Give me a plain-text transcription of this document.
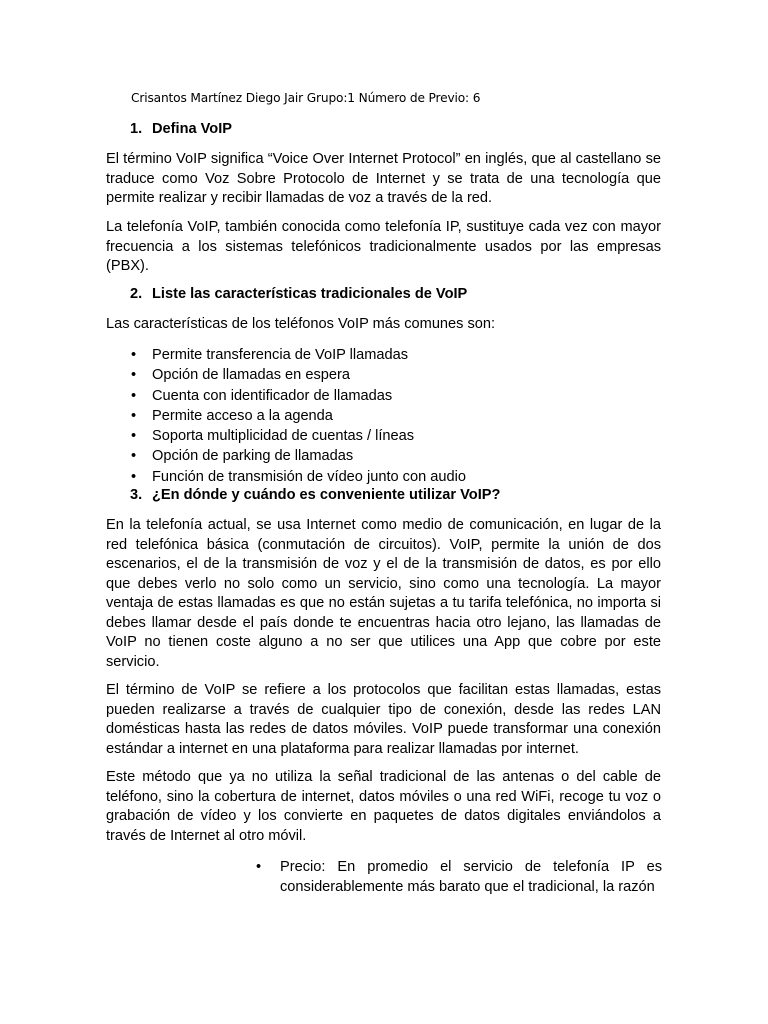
Crisantos Martínez Diego Jair Grupo:1 Número de Previo: 6
1. Defina VoIP

El término VoIP significa “Voice Over Internet Protocol” en inglés, que al castellano se traduce como Voz Sobre Protocolo de Internet y se trata de una tecnología que permite realizar y recibir llamadas de voz a través de la red.

La telefonía VoIP, también conocida como telefonía IP, sustituye cada vez con mayor frecuencia a los sistemas telefónicos tradicionalmente usados por las empresas (PBX).

2. Liste las características tradicionales de VoIP

Las características de los teléfonos VoIP más comunes son:

• Permite transferencia de VoIP llamadas
• Opción de llamadas en espera
• Cuenta con identificador de llamadas
• Permite acceso a la agenda
• Soporta multiplicidad de cuentas / líneas
• Opción de parking de llamadas
• Función de transmisión de vídeo junto con audio
3. ¿En dónde y cuándo es conveniente utilizar VoIP?

En la telefonía actual, se usa Internet como medio de comunicación, en lugar de la red telefónica básica (conmutación de circuitos). VoIP, permite la unión de dos escenarios, el de la transmisión de voz y el de la transmisión de datos, es por ello que debes verlo no solo como un servicio, sino como una tecnología. La mayor ventaja de estas llamadas es que no están sujetas a tu tarifa telefónica, no importa si debes llamar desde el país donde te encuentras hacia otro lejano, las llamadas de VoIP no tienen coste alguno a no ser que utilices una App que cobre por este servicio.

El término de VoIP se refiere a los protocolos que facilitan estas llamadas, estas pueden realizarse a través de cualquier tipo de conexión, desde las redes LAN domésticas hasta las redes de datos móviles. VoIP puede transformar una conexión estándar a internet en una plataforma para realizar llamadas por internet.

Este método que ya no utiliza la señal tradicional de las antenas o del cable de teléfono, sino la cobertura de internet, datos móviles o una red WiFi, recoge tu voz o grabación de vídeo y los convierte en paquetes de datos digitales enviándolos a través de Internet al otro móvil.

• Precio: En promedio el servicio de telefonía IP es considerablemente más barato que el tradicional, la razón
